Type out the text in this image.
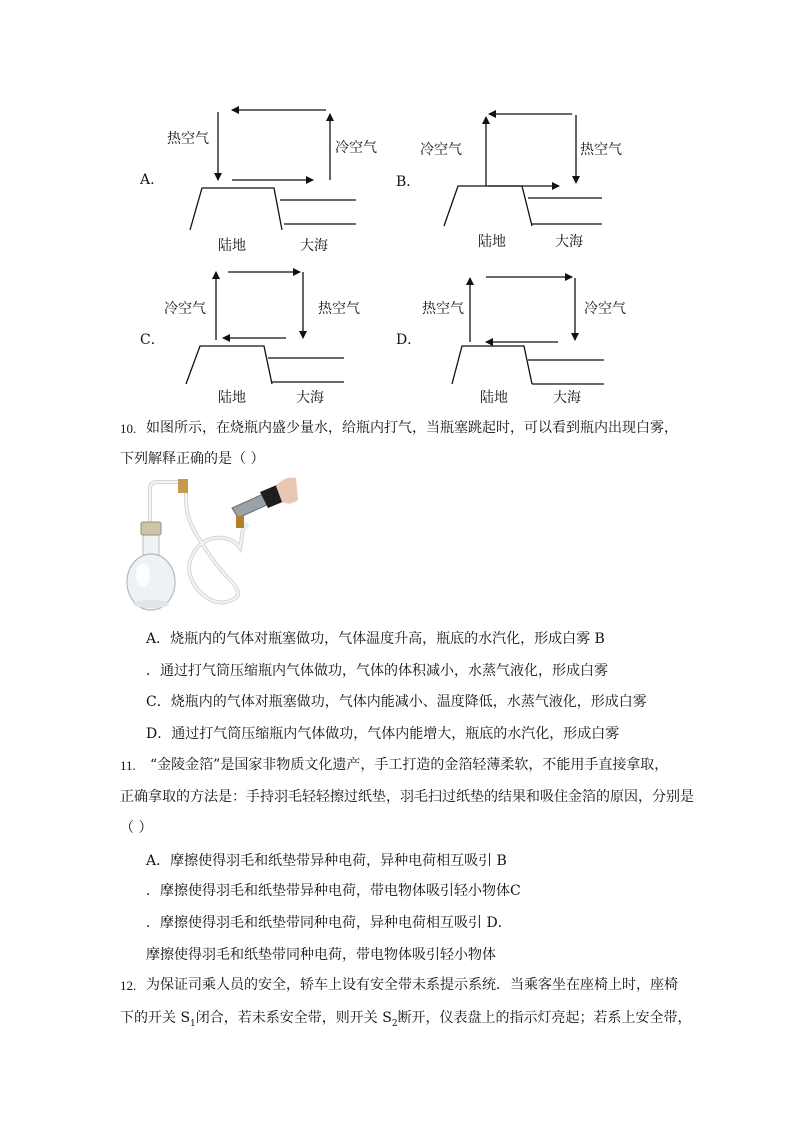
热空气
冷空气
A.
陆地	大海
冷空气	热空气
B．
陆地	大海
冷空气	热空气
C．
陆地	大海
热空气	冷空气
D．
陆地	大海
10. 如图所示，在烧瓶内盛少量水，给瓶内打气，当瓶塞跳起时，可以看到瓶内出现白雾，
下列解释正确的是（ ）
A．烧瓶内的气体对瓶塞做功，气体温度升高，瓶底的水汽化，形成白雾 B
．通过打气筒压缩瓶内气体做功，气体的体积减小，水蒸气液化，形成白雾
C．烧瓶内的气体对瓶塞做功，气体内能减小、温度降低，水蒸气液化，形成白雾
D．通过打气筒压缩瓶内气体做功，气体内能增大，瓶底的水汽化，形成白雾
11. “金陵金箔”是国家非物质文化遗产，手工打造的金箔轻薄柔软，不能用手直接拿取，
正确拿取的方法是：手持羽毛轻轻擦过纸垫，羽毛扫过纸垫的结果和吸住金箔的原因，分别是
（ ）
A．摩擦使得羽毛和纸垫带异种电荷，异种电荷相互吸引 B
．摩擦使得羽毛和纸垫带异种电荷，带电物体吸引轻小物体C
．摩擦使得羽毛和纸垫带同种电荷，异种电荷相互吸引 D．
摩擦使得羽毛和纸垫带同种电荷，带电物体吸引轻小物体
12. 为保证司乘人员的安全，轿车上设有安全带未系提示系统．当乘客坐在座椅上时，座椅
下的开关 $S_1$闭合，若未系安全带，则开关 $S_2$断开，仪表盘上的指示灯亮起；若系上安全带，
